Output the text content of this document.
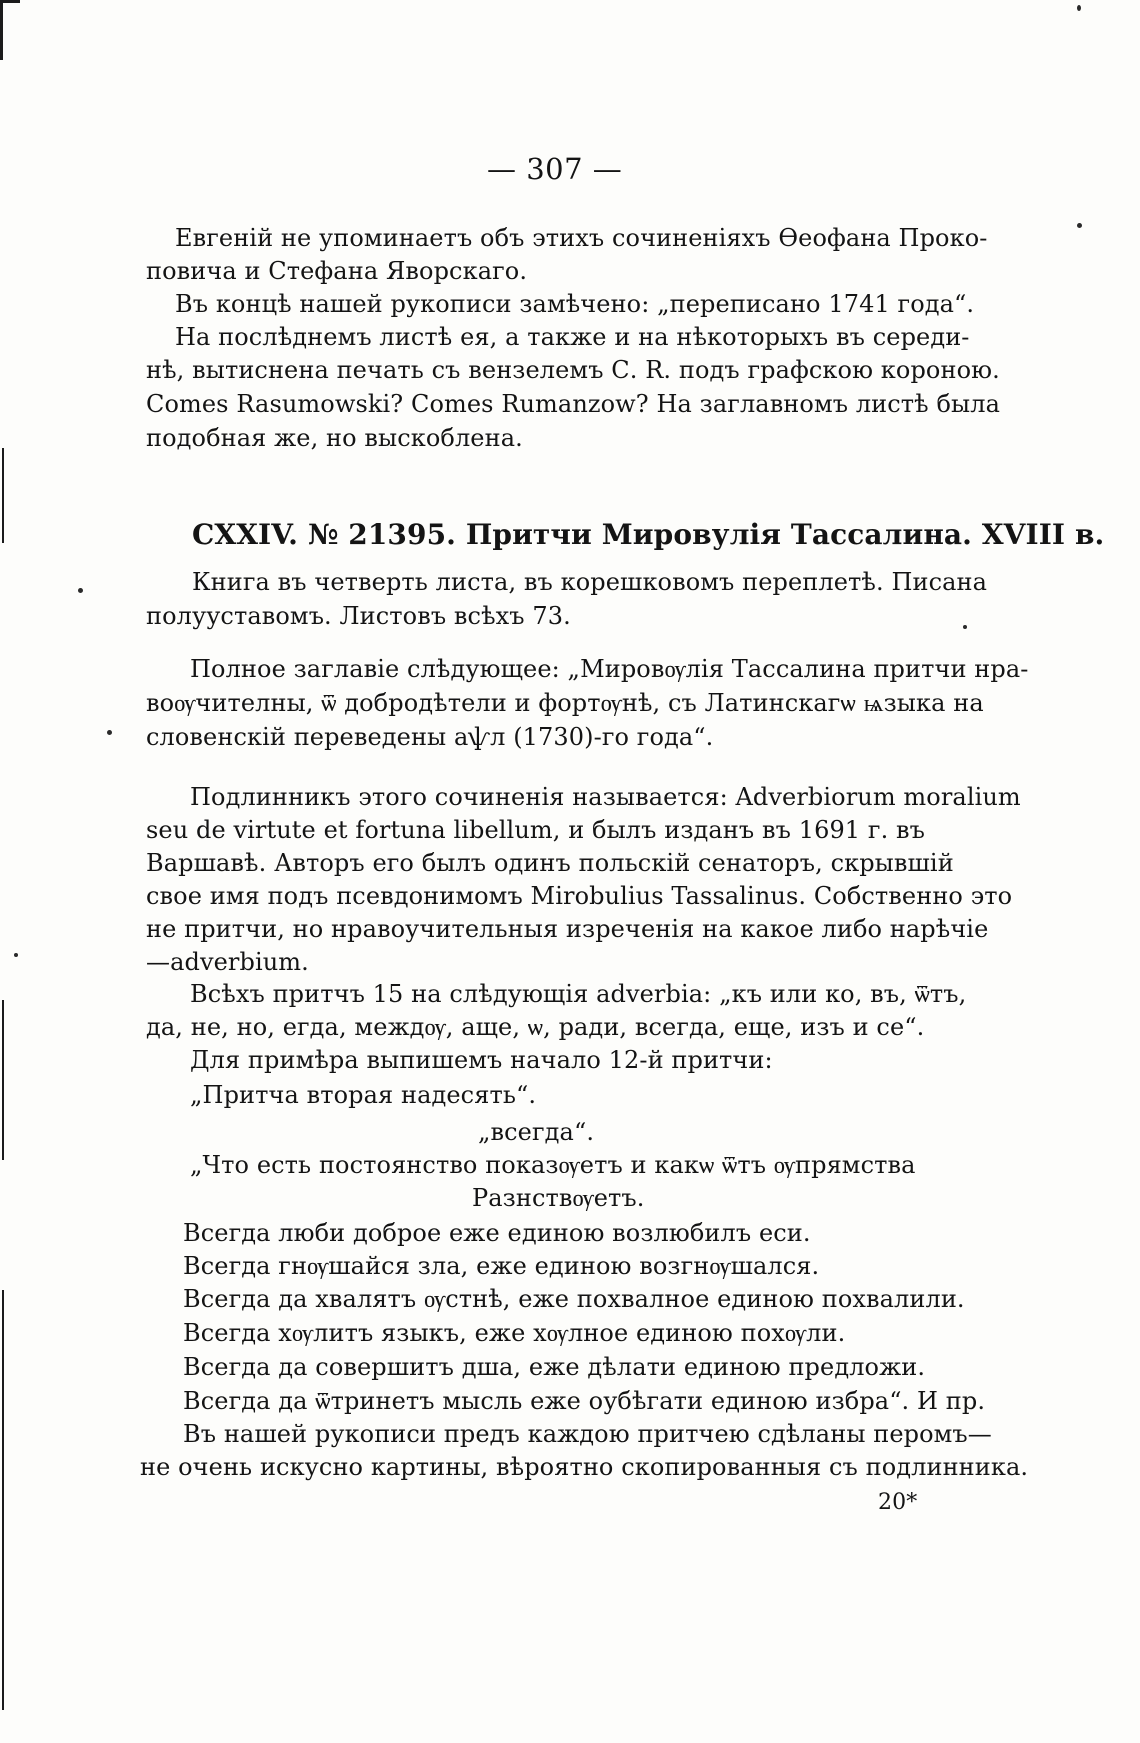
— 307 —
Евгеній не упоминаетъ объ этихъ сочиненіяхъ Ѳеофана Проко-
повича и Стефана Яворскаго.
Въ концѣ нашей рукописи замѣчено: „переписано 1741 года“.
На послѣднемъ листѣ ея, а также и на нѣкоторыхъ въ середи-
нѣ, вытиснена печать съ вензелемъ С. R. подъ графскою короною.
Comes Rasumowski? Comes Rumanzow? На заглавномъ листѣ была
подобная же, но выскоблена.
CXXIV. № 21395. Притчи Мировулія Тассалина. XVIII в.
Книга въ четверть листа, въ корешковомъ переплетѣ. Писана
полууставомъ. Листовъ всѣхъ 73.
Полное заглавіе слѣдующее: „Мировѹлія Тассалина притчи нра-
воѹчителны, ѿ добродѣтели и фортѹнѣ, съ Латинскагѡ ѩзыка на
словенскій переведены аѱл (1730)-го года“.
Подлинникъ этого сочиненія называется: Adverbiorum moralium
seu de virtute et fortuna libellum, и былъ изданъ въ 1691 г. въ
Варшавѣ. Авторъ его былъ одинъ польскій сенаторъ, скрывшій
свое имя подъ псевдонимомъ Mirobulius Tassalinus. Собственно это
не притчи, но нравоучительныя изреченія на какое либо нарѣчіе
—adverbium.
Всѣхъ притчъ 15 на слѣдующія adverbia: „къ или ко, въ, ѿтъ,
да, не, но, егда, междѹ, аще, ѡ, ради, всегда, еще, изъ и се“.
Для примѣра выпишемъ начало 12-й притчи:
„Притча вторая надесять“.
„всегда“.
„Что есть постоянство показѹетъ и какѡ ѿтъ ѹпрямства
Разнствѹетъ.
Всегда люби доброе еже единою возлюбилъ еси.
Всегда гнѹшайся зла, еже единою возгнѹшался.
Всегда да хвалятъ ѹстнѣ, еже похвалное единою похвалили.
Всегда хѹлитъ языкъ, еже хѹлное единою похѹли.
Всегда да совершитъ дша, еже дѣлати единою предложи.
Всегда да ѿтринетъ мысль еже оубѣгати единою избра“. И пр.
Въ нашей рукописи предъ каждою притчею сдѣланы перомъ—
не очень искусно картины, вѣроятно скопированныя съ подлинника.
20*
